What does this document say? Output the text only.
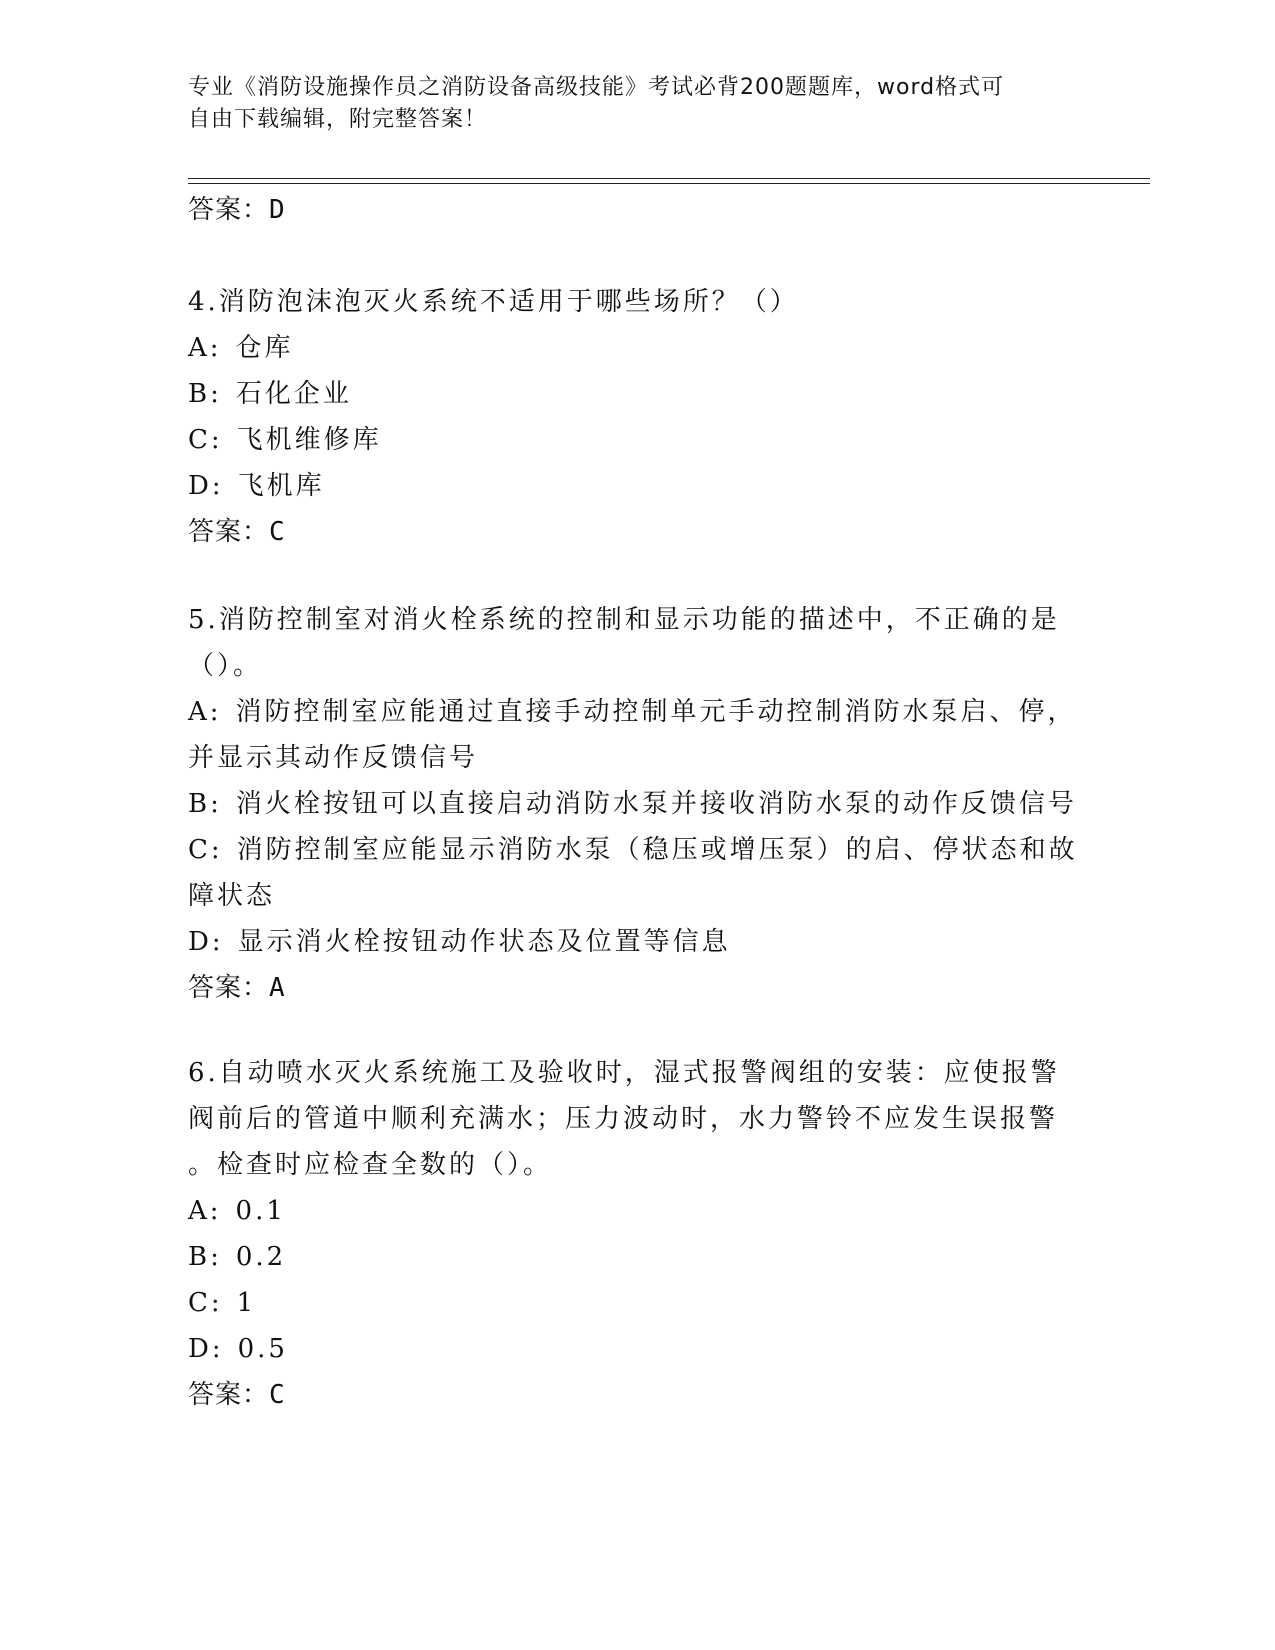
专业《消防设施操作员之消防设备高级技能》考试必背200题题库，word格式可
自由下载编辑，附完整答案！
答案：D

4.消防泡沫泡灭火系统不适用于哪些场所？（）

A: 仓库

B: 石化企业

C: 飞机维修库

D: 飞机库

答案：C

5.消防控制室对消火栓系统的控制和显示功能的描述中，不正确的是

（）。

A: 消防控制室应能通过直接手动控制单元手动控制消防水泵启、停，

并显示其动作反馈信号

B: 消火栓按钮可以直接启动消防水泵并接收消防水泵的动作反馈信号

C: 消防控制室应能显示消防水泵（稳压或增压泵）的启、停状态和故

障状态

D: 显示消火栓按钮动作状态及位置等信息

答案：A

6.自动喷水灭火系统施工及验收时，湿式报警阀组的安装：应使报警

阀前后的管道中顺利充满水；压力波动时，水力警铃不应发生误报警

。检查时应检查全数的（）。

A: 0.1

B: 0.2

C: 1

D: 0.5

答案：C
